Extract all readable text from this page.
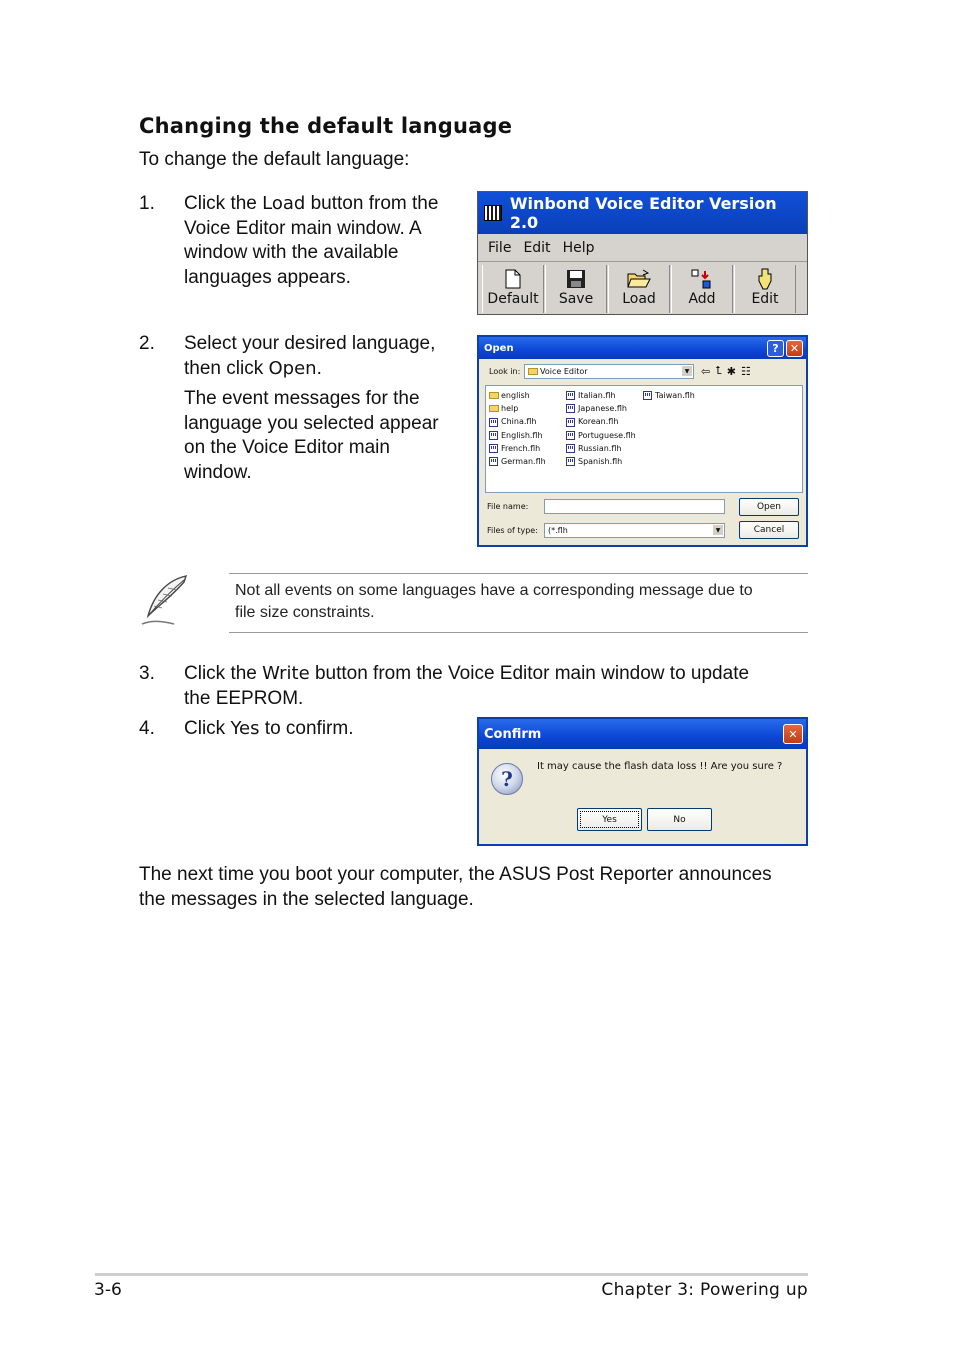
Changing the default language
To change the default language:
1. Click the Load button from the
Voice Editor main window. A
window with the available
languages appears.
2. Select your desired language,
then click Open.
The event messages for the
language you selected appear
on the Voice Editor main
window.
Winbond Voice Editor Version 2.0
File Edit Help
Default Save Load Add	Edit
Open	?	✕
Look in: Voice Editor	▼ ⇦ ⮤ ✱ ☷
english
help
China.flh
English.flh
French.flh
German.flh
Italian.flh
Japanese.flh
Korean.flh
Portuguese.flh
Russian.flh
Spanish.flh
Taiwan.flh
File name:
Files of type: (*.flh	▼
Open
Cancel
Not all events on some languages have a corresponding message due to
file size constraints.
3. Click the Write button from the Voice Editor main window to update
the EEPROM.
4. Click Yes to confirm.	Confirm	✕
?
It may cause the flash data loss !! Are you sure ?
Yes	No
The next time you boot your computer, the ASUS Post Reporter announces
the messages in the selected language.
3-6	Chapter 3: Powering up
